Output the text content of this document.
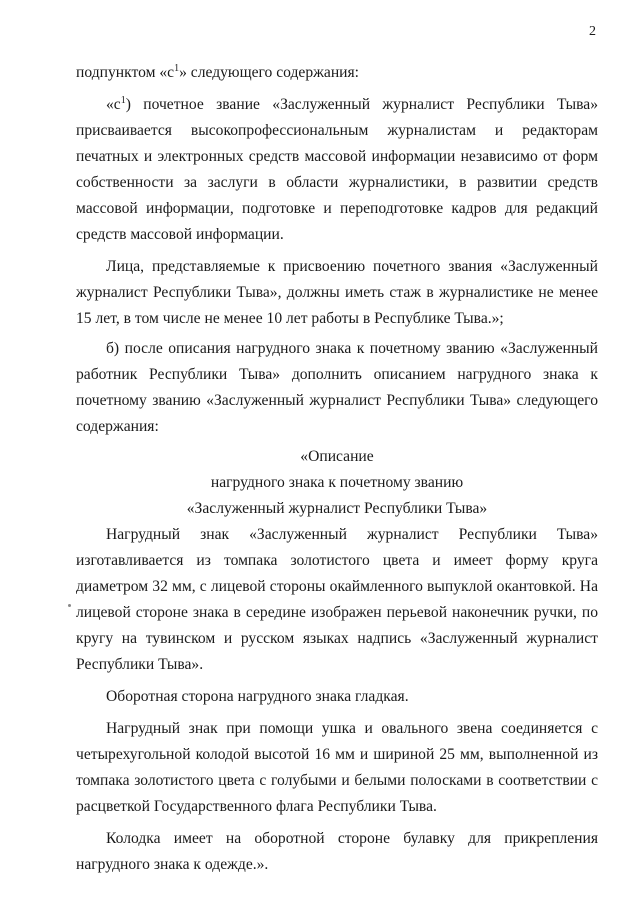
2

подпунктом «$c^1$» следующего содержания:

«$c^1$) почетное звание «Заслуженный журналист Республики Тыва» присваивается высокопрофессиональным журналистам и редакторам печатных и электронных средств массовой информации независимо от форм собственности за заслуги в области журналистики, в развитии средств массовой информации, подготовке и переподготовке кадров для редакций средств массовой информации.

Лица, представляемые к присвоению почетного звания «Заслуженный журналист Республики Тыва», должны иметь стаж в журналистике не менее 15 лет, в том числе не менее 10 лет работы в Республике Тыва.»;

б) после описания нагрудного знака к почетному званию «Заслуженный работник Республики Тыва» дополнить описанием нагрудного знака к почетному званию «Заслуженный журналист Республики Тыва» следующего содержания:

«Описание

нагрудного знака к почетному званию

«Заслуженный журналист Республики Тыва»

Нагрудный знак «Заслуженный журналист Республики Тыва» изготавливается из томпака золотистого цвета и имеет форму круга диаметром 32 мм, с лицевой стороны окаймленного выпуклой окантовкой. На лицевой стороне знака в середине изображен перьевой наконечник ручки, по кругу на тувинском и русском языках надпись «Заслуженный журналист Республики Тыва».

Оборотная сторона нагрудного знака гладкая.

Нагрудный знак при помощи ушка и овального звена соединяется с четырехугольной колодой высотой 16 мм и шириной 25 мм, выполненной из томпака золотистого цвета с голубыми и белыми полосками в соответствии с расцветкой Государственного флага Республики Тыва.

Колодка имеет на оборотной стороне булавку для прикрепления нагрудного знака к одежде.».
